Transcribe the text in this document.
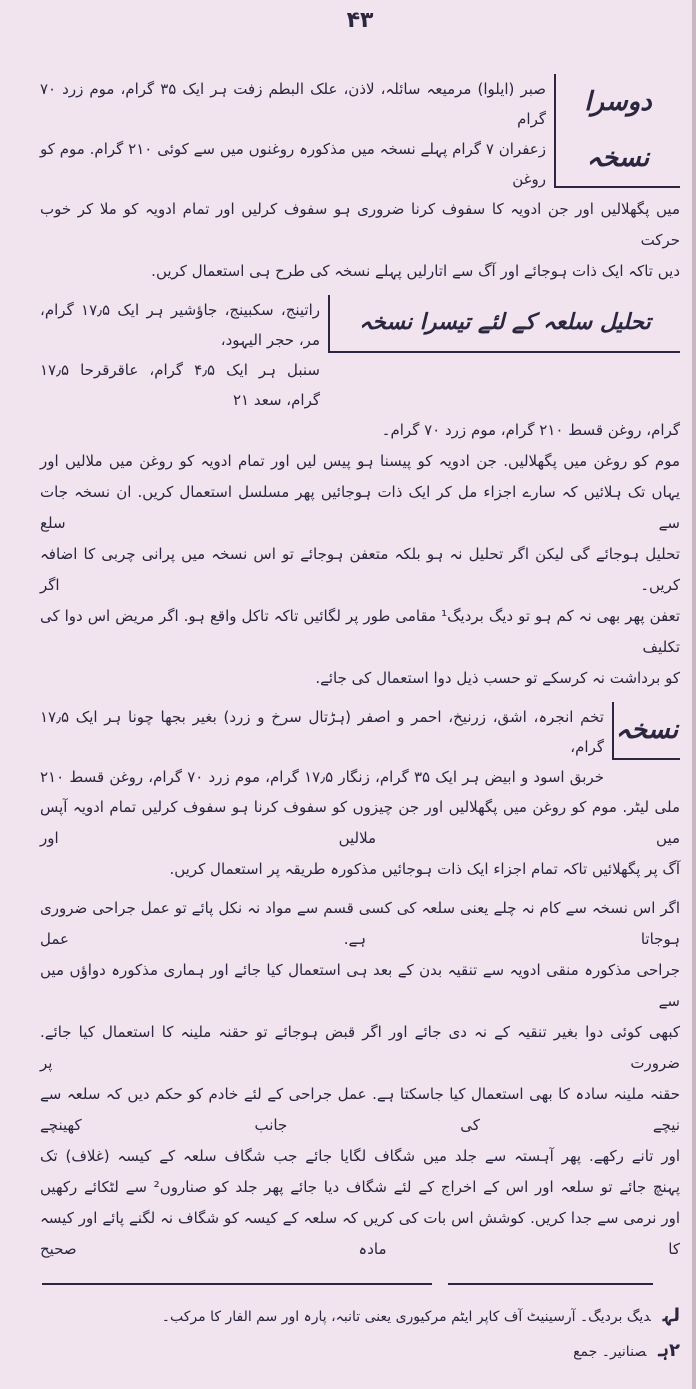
۴۳
دوسرا نسخہ
صبر (ایلوا) مرمیعہ سائلہ، لاذن، علک البطم زفت ہر ایک ۳۵ گرام، موم زرد ۷۰ گرام
زعفران ۷ گرام پہلے نسخہ میں مذکورہ روغنوں میں سے کوئی ۲۱۰ گرام. موم کو روغن
میں پگھلالیں اور جن ادویہ کا سفوف کرنا ضروری ہو سفوف کرلیں اور تمام ادویہ کو ملا کر خوب حرکت
دیں تاکہ ایک ذات ہوجائے اور آگ سے اتارلیں پہلے نسخہ کی طرح ہی استعمال کریں.
تحلیل سلعہ کے لئے تیسرا نسخہ
راتینج، سکبینج، جاؤشیر ہر ایک ۱۷٫۵ گرام، مر، حجر الیہود،
سنبل ہر ایک ۴٫۵ گرام، عاقرقرحا ۱۷٫۵ گرام، سعد ۲۱
گرام، روغن قسط ۲۱۰ گرام، موم زرد ۷۰ گرام۔
موم کو روغن میں پگھلالیں. جن ادویہ کو پیسنا ہو پیس لیں اور تمام ادویہ کو روغن میں ملالیں اور
یہاں تک ہلائیں کہ سارے اجزاء مل کر ایک ذات ہوجائیں پھر مسلسل استعمال کریں. ان نسخہ جات سے سلع
تحلیل ہوجائے گی لیکن اگر تحلیل نہ ہو بلکہ متعفن ہوجائے تو اس نسخہ میں پرانی چربی کا اضافہ کریں۔ اگر
تعفن پھر بھی نہ کم ہو تو دیگ بردیگ¹ مقامی طور پر لگائیں تاکہ تاکل واقع ہو. اگر مریض اس دوا کی تکلیف
کو برداشت نہ کرسکے تو حسب ذیل دوا استعمال کی جائے.
نسخہ
تخم انجرہ، اشق، زرنیخ، احمر و اصفر (ہڑتال سرخ و زرد) بغیر بجھا چونا ہر ایک ۱۷٫۵ گرام،
خربق اسود و ابیض ہر ایک ۳۵ گرام، زنگار ۱۷٫۵ گرام، موم زرد ۷۰ گرام، روغن قسط ۲۱۰
ملی لیٹر. موم کو روغن میں پگھلالیں اور جن چیزوں کو سفوف کرنا ہو سفوف کرلیں تمام ادویہ آپس میں ملالیں اور
آگ پر پگھلائیں تاکہ تمام اجزاء ایک ذات ہوجائیں مذکورہ طریقہ پر استعمال کریں.
اگر اس نسخہ سے کام نہ چلے یعنی سلعہ کی کسی قسم سے مواد نہ نکل پائے تو عمل جراحی ضروری ہوجاتا ہے. عمل
جراحی مذکورہ منقی ادویہ سے تنقیہ بدن کے بعد ہی استعمال کیا جائے اور ہماری مذکورہ دواؤں میں سے
کبھی کوئی دوا بغیر تنقیہ کے نہ دی جائے اور اگر قبض ہوجائے تو حقنہ ملینہ کا استعمال کیا جائے. ضرورت پر
حقنہ ملینہ سادہ کا بھی استعمال کیا جاسکتا ہے. عمل جراحی کے لئے خادم کو حکم دیں کہ سلعہ سے نیچے کی جانب کھینچے
اور تانے رکھے. پھر آہستہ سے جلد میں شگاف لگایا جائے جب شگاف سلعہ کے کیسہ (غلاف) تک
پہنچ جائے تو سلعہ اور اس کے اخراج کے لئے شگاف دیا جائے پھر جلد کو صناروں² سے لٹکائے رکھیں
اور نرمی سے جدا کریں. کوشش اس بات کی کریں کہ سلعہ کے کیسہ کو شگاف نہ لگنے پائے اور کیسہ کا مادہ صحیح
لہدیگ بردیگ۔ آرسینیٹ آف کاپر ایٹم مرکیوری یعنی تانبہ، پارہ اور سم الفار کا مرکب۔
۲ہصنانیر۔ جمع
